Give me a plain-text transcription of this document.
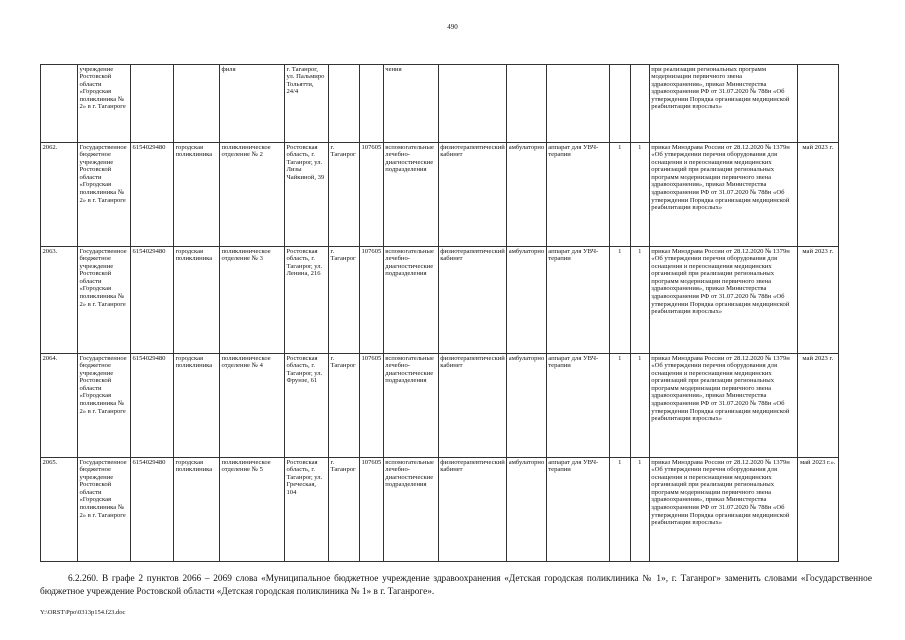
490
	учреждение Ростовской области «Городская поликлиника № 2» в г. Таганроге			филя	г. Таганрог, ул. Пальмиро Тольятти, 24/4			чения						при реализации региональных программ модернизации первичного звена здравоохранения», приказ Министерства здравоохранения РФ от 31.07.2020 № 788н «Об утверждении Порядка организации медицинской реабилитации взрослых»	
2062.	Государственное бюджетное учреждение Ростовской области «Городская поликлиника № 2» в г. Таганроге	6154029480	городская поликлиника	поликлиническое отделение № 2	Ростовская область, г. Таганрог, ул. Лизы Чайкиной, 39	г. Таганрог	107605	вспомогательные лечебно-диагностические подразделения	физиотерапевтический кабинет	амбулаторно	аппарат для УВЧ-терапии	1	1	приказ Минздрава России от 28.12.2020 № 1379н «Об утверждении перечня оборудования для оснащения и переоснащения медицинских организаций при реализации региональных программ модернизации первичного звена здравоохранения», приказ Министерства здравоохранения РФ от 31.07.2020 № 788н «Об утверждении Порядка организации медицинской реабилитации взрослых»	май 2023 г.
2063.	Государственное бюджетное учреждение Ростовской области «Городская поликлиника № 2» в г. Таганроге	6154029480	городская поликлиника	поликлиническое отделение № 3	Ростовская область, г. Таганрог, ул. Ленина, 216	г. Таганрог	107605	вспомогательные лечебно-диагностические подразделения	физиотерапевтический кабинет	амбулаторно	аппарат для УВЧ-терапии	1	1	приказ Минздрава России от 28.12.2020 № 1379н «Об утверждении перечня оборудования для оснащения и переоснащения медицинских организаций при реализации региональных программ модернизации первичного звена здравоохранения», приказ Министерства здравоохранения РФ от 31.07.2020 № 788н «Об утверждении Порядка организации медицинской реабилитации взрослых»	май 2023 г.
2064.	Государственное бюджетное учреждение Ростовской области «Городская поликлиника № 2» в г. Таганроге	6154029480	городская поликлиника	поликлиническое отделение № 4	Ростовская область, г. Таганрог, ул. Фрунзе, 61	г. Таганрог	107605	вспомогательные лечебно-диагностические подразделения	физиотерапевтический кабинет	амбулаторно	аппарат для УВЧ-терапии	1	1	приказ Минздрава России от 28.12.2020 № 1379н «Об утверждении перечня оборудования для оснащения и переоснащения медицинских организаций при реализации региональных программ модернизации первичного звена здравоохранения», приказ Министерства здравоохранения РФ от 31.07.2020 № 788н «Об утверждении Порядка организации медицинской реабилитации взрослых»	май 2023 г.
2065.	Государственное бюджетное учреждение Ростовской области «Городская поликлиника № 2» в г. Таганроге	6154029480	городская поликлиника	поликлиническое отделение № 5	Ростовская область, г. Таганрог, ул. Греческая, 104	г. Таганрог	107605	вспомогательные лечебно-диагностические подразделения	физиотерапевтический кабинет	амбулаторно	аппарат для УВЧ-терапии	1	1	приказ Минздрава России от 28.12.2020 № 1379н «Об утверждении перечня оборудования для оснащения и переоснащения медицинских организаций при реализации региональных программ модернизации первичного звена здравоохранения», приказ Министерства здравоохранения РФ от 31.07.2020 № 788н «Об утверждении Порядка организации медицинской реабилитации взрослых»	май 2023 г.».
6.2.260. В графе 2 пунктов 2066 – 2069 слова «Муниципальное бюджетное учреждение здравоохранения «Детская городская поликлиника № 1», г. Таганрог» заменить словами «Государственное бюджетное учреждение Ростовской области «Детская городская поликлиника № 1» в г. Таганроге».
Y:\ORST\Ppo\0313p154.f23.doc
